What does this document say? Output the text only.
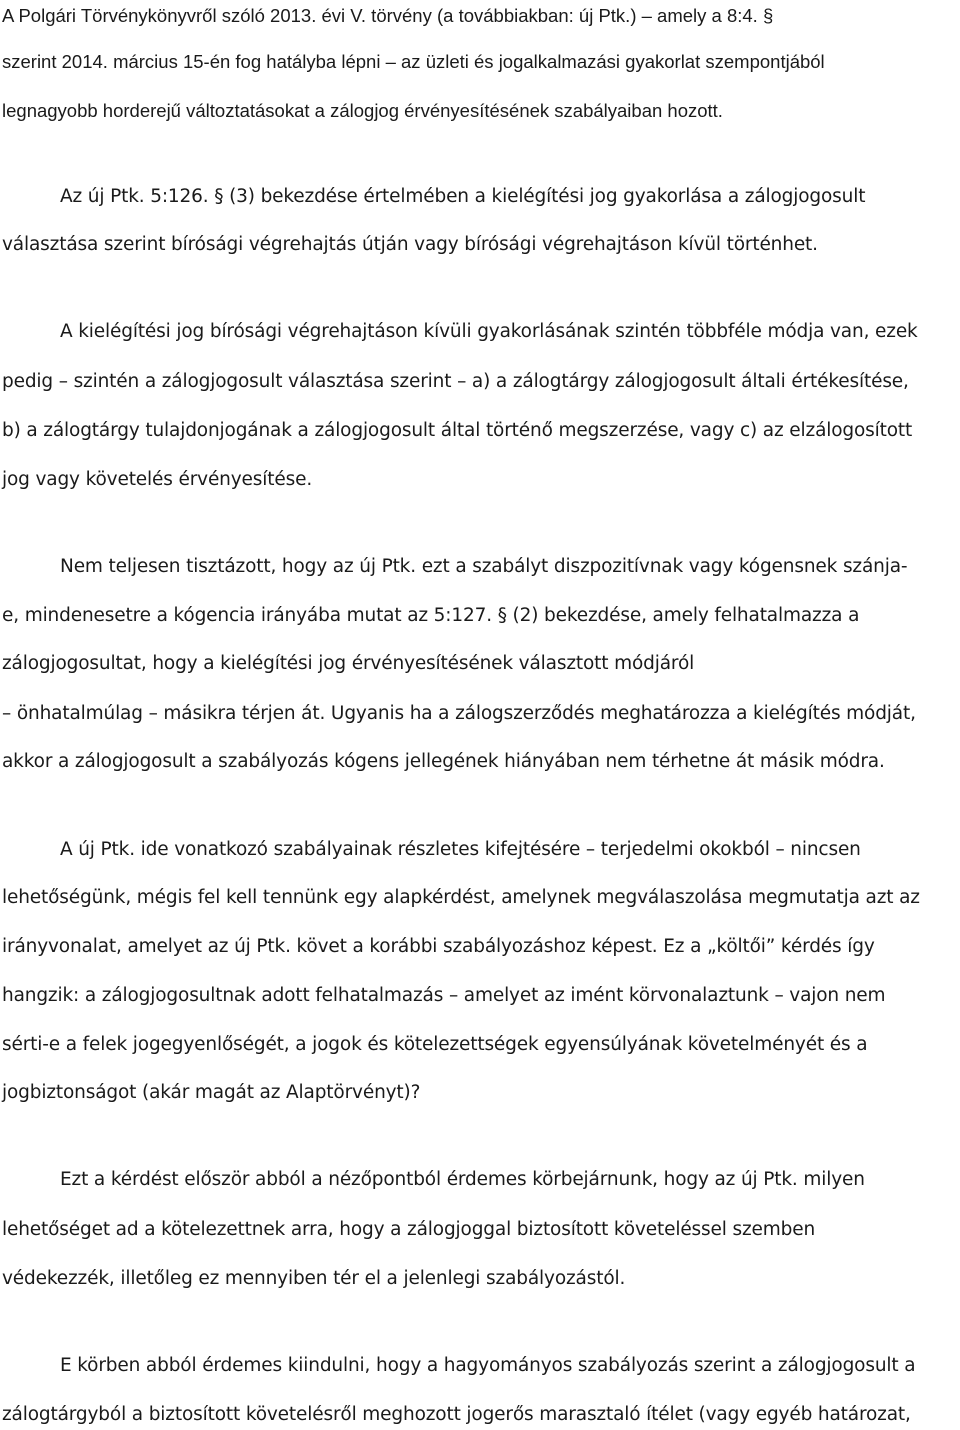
A Polgári Törvénykönyvről szóló 2013. évi V. törvény (a továbbiakban: új Ptk.) – amely a 8:4. §
szerint 2014. március 15-én fog hatályba lépni – az üzleti és jogalkalmazási gyakorlat szempontjából
legnagyobb horderejű változtatásokat a zálogjog érvényesítésének szabályaiban hozott.
Az új Ptk. 5:126. § (3) bekezdése értelmében a kielégítési jog gyakorlása a zálogjogosult
választása szerint bírósági végrehajtás útján vagy bírósági végrehajtáson kívül történhet.
A kielégítési jog bírósági végrehajtáson kívüli gyakorlásának szintén többféle módja van, ezek
pedig – szintén a zálogjogosult választása szerint – a) a zálogtárgy zálogjogosult általi értékesítése,
b) a zálogtárgy tulajdonjogának a zálogjogosult által történő megszerzése, vagy c) az elzálogosított
jog vagy követelés érvényesítése.
Nem teljesen tisztázott, hogy az új Ptk. ezt a szabályt diszpozitívnak vagy kógensnek szánja-
e, mindenesetre a kógencia irányába mutat az 5:127. § (2) bekezdése, amely felhatalmazza a
zálogjogosultat, hogy a kielégítési jog érvényesítésének választott módjáról
– önhatalmúlag – másikra térjen át. Ugyanis ha a zálogszerződés meghatározza a kielégítés módját,
akkor a zálogjogosult a szabályozás kógens jellegének hiányában nem térhetne át másik módra.
A új Ptk. ide vonatkozó szabályainak részletes kifejtésére – terjedelmi okokból – nincsen
lehetőségünk, mégis fel kell tennünk egy alapkérdést, amelynek megválaszolása megmutatja azt az
irányvonalat, amelyet az új Ptk. követ a korábbi szabályozáshoz képest. Ez a „költői” kérdés így
hangzik: a zálogjogosultnak adott felhatalmazás – amelyet az imént körvonalaztunk – vajon nem
sérti-e a felek jogegyenlőségét, a jogok és kötelezettségek egyensúlyának követelményét és a
jogbiztonságot (akár magát az Alaptörvényt)?
Ezt a kérdést először abból a nézőpontból érdemes körbejárnunk, hogy az új Ptk. milyen
lehetőséget ad a kötelezettnek arra, hogy a zálogjoggal biztosított követeléssel szemben
védekezzék, illetőleg ez mennyiben tér el a jelenlegi szabályozástól.
E körben abból érdemes kiindulni, hogy a hagyományos szabályozás szerint a zálogjogosult a
zálogtárgyból a biztosított követelésről meghozott jogerős marasztaló ítélet (vagy egyéb határozat,
